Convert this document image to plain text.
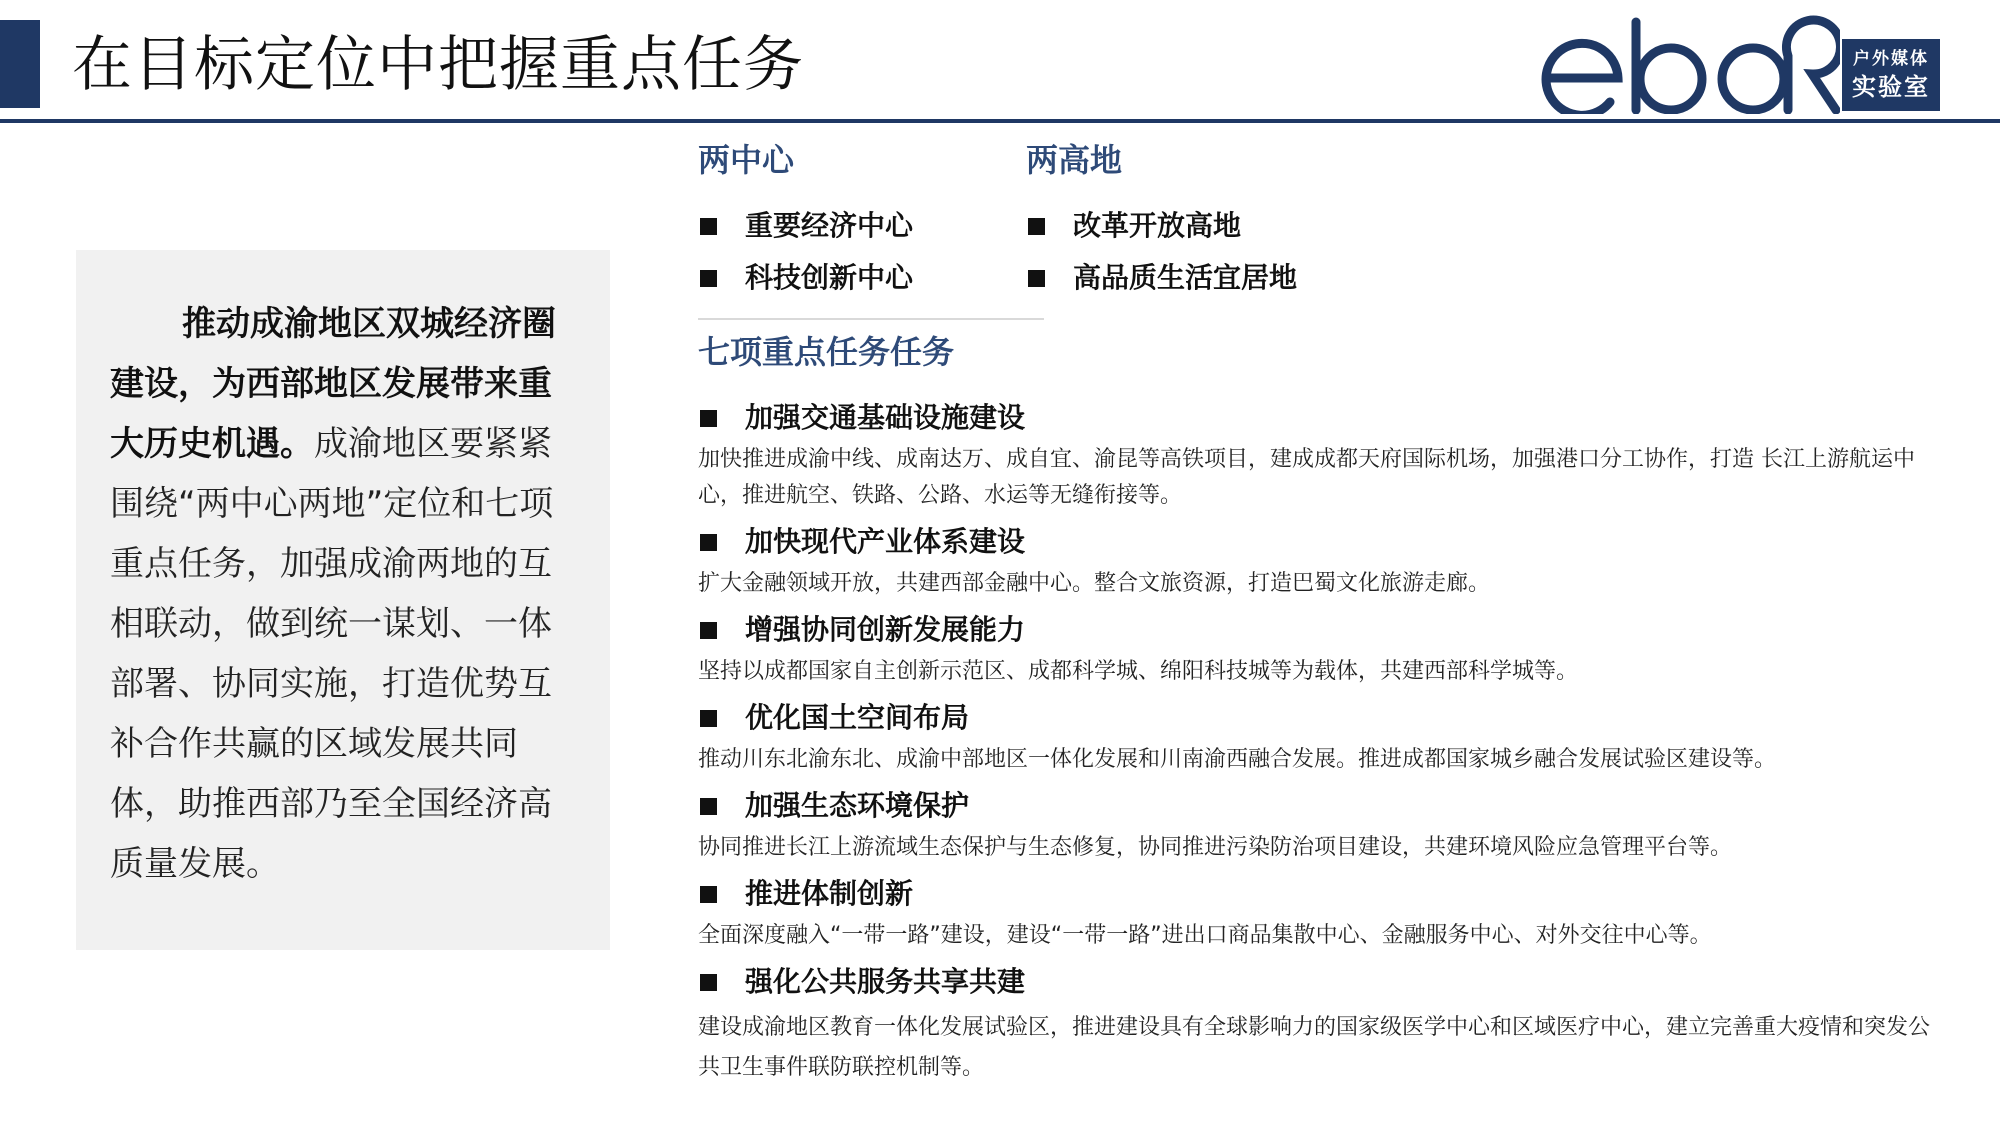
在目标定位中把握重点任务	户外媒体
实验室
推动成渝地区双城经济圈建设，为西部地区发展带来重大历史机遇。成渝地区要紧紧围绕“两中心两地”定位和七项重点任务，加强成渝两地的互相联动，做到统一谋划、一体部署、协同实施，打造优势互补合作共赢的区域发展共同体，助推西部乃至全国经济高质量发展。
两中心
重要经济中心
科技创新中心
两高地
改革开放高地
高品质生活宜居地
七项重点任务任务
加强交通基础设施建设
加快推进成渝中线、成南达万、成自宜、渝昆等高铁项目，建成成都天府国际机场，加强港口分工协作，打造 长江上游航运中心，推进航空、铁路、公路、水运等无缝衔接等。
加快现代产业体系建设
扩大金融领域开放，共建西部金融中心。整合文旅资源，打造巴蜀文化旅游走廊。
增强协同创新发展能力
坚持以成都国家自主创新示范区、成都科学城、绵阳科技城等为载体，共建西部科学城等。
优化国土空间布局
推动川东北渝东北、成渝中部地区一体化发展和川南渝西融合发展。推进成都国家城乡融合发展试验区建设等。
加强生态环境保护
协同推进长江上游流域生态保护与生态修复，协同推进污染防治项目建设，共建环境风险应急管理平台等。
推进体制创新
全面深度融入“一带一路”建设，建设“一带一路”进出口商品集散中心、金融服务中心、对外交往中心等。
强化公共服务共享共建
建设成渝地区教育一体化发展试验区，推进建设具有全球影响力的国家级医学中心和区域医疗中心，建立完善重大疫情和突发公共卫生事件联防联控机制等。
